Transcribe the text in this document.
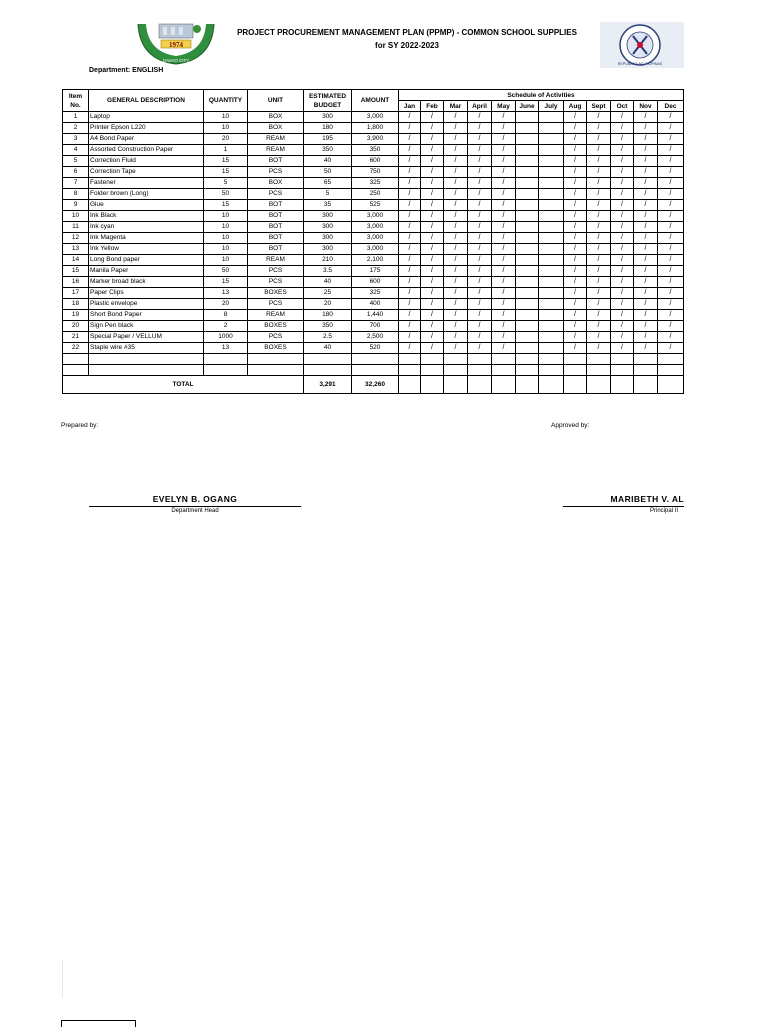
1974
DAVAO CITY
PROJECT PROCUREMENT MANAGEMENT PLAN (PPMP) - COMMON SCHOOL SUPPLIES
for SY 2022-2023
REPUBLIKA NG PILIPINAS
Department: ENGLISH
Item No.	GENERAL DESCRIPTION	QUANTITY	UNIT	ESTIMATED BUDGET	AMOUNT	Schedule of Activities											
						Jan	Feb	Mar	April	May	June	July	Aug	Sept	Oct	Nov	Dec
1	Laptop	10	BOX	300	3,000	/	/	/	/	/			/	/	/	/	/
2	Printer Epson L220	10	BOX	180	1,800	/	/	/	/	/			/	/	/	/	/
3	A4 Bond Paper	20	REAM	195	3,900	/	/	/	/	/			/	/	/	/	/
4	Assorted Construction Paper	1	REAM	350	350	/	/	/	/	/			/	/	/	/	/
5	Correction Fluid	15	BOT	40	600	/	/	/	/	/			/	/	/	/	/
6	Correction Tape	15	PCS	50	750	/	/	/	/	/			/	/	/	/	/
7	Fastener	5	BOX	65	325	/	/	/	/	/			/	/	/	/	/
8	Folder brown (Long)	50	PCS	5	250	/	/	/	/	/			/	/	/	/	/
9	Glue	15	BOT	35	525	/	/	/	/	/			/	/	/	/	/
10	Ink Black	10	BOT	300	3,000	/	/	/	/	/			/	/	/	/	/
11	Ink cyan	10	BOT	300	3,000	/	/	/	/	/			/	/	/	/	/
12	Ink Magenta	10	BOT	300	3,000	/	/	/	/	/			/	/	/	/	/
13	Ink Yellow	10	BOT	300	3,000	/	/	/	/	/			/	/	/	/	/
14	Long Bond paper	10	REAM	210	2,100	/	/	/	/	/			/	/	/	/	/
15	Manila Paper	50	PCS	3.5	175	/	/	/	/	/			/	/	/	/	/
16	Marker broad black	15	PCS	40	600	/	/	/	/	/			/	/	/	/	/
17	Paper Clips	13	BOXES	25	325	/	/	/	/	/			/	/	/	/	/
18	Plastic envelope	20	PCS	20	400	/	/	/	/	/			/	/	/	/	/
19	Short Bond Paper	8	REAM	180	1,440	/	/	/	/	/			/	/	/	/	/
20	Sign Pen black	2	BOXES	350	700	/	/	/	/	/			/	/	/	/	/
21	Special Paper / VELLUM	1000	PCS	2.5	2,500	/	/	/	/	/			/	/	/	/	/
22	Staple wire #35	13	BOXES	40	520	/	/	/	/	/			/	/	/	/	/

TOTAL				3,291	32,260												
Prepared by:	Approved by:
EVELYN B. OGANG
Department Head
MARIBETH V. AL
Principal II
